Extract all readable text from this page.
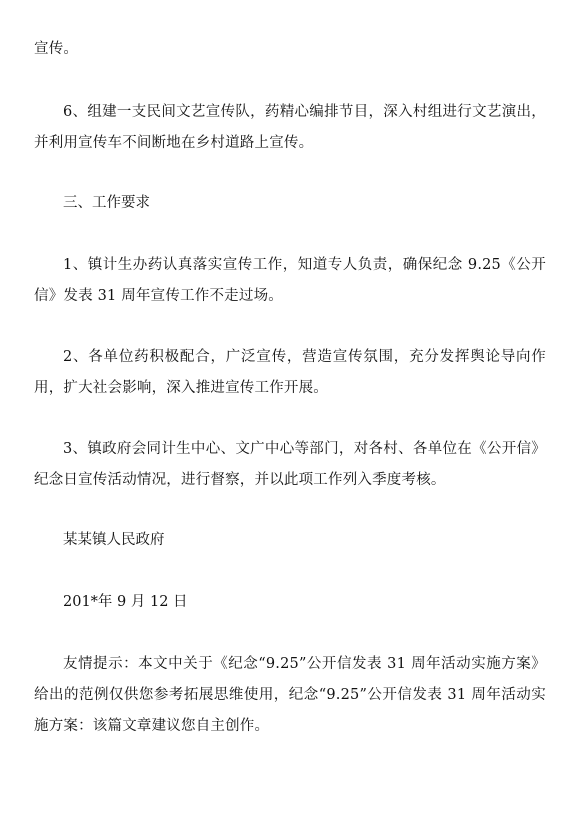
宣传。

6、组建一支民间文艺宣传队，药精心编排节目，深入村组进行文艺演出，并利用宣传车不间断地在乡村道路上宣传。

三、工作要求

1、镇计生办药认真落实宣传工作，知道专人负责，确保纪念 9.25《公开信》发表 31 周年宣传工作不走过场。

2、各单位药积极配合，广泛宣传，营造宣传氛围，充分发挥舆论导向作用，扩大社会影响，深入推进宣传工作开展。

3、镇政府会同计生中心、文广中心等部门，对各村、各单位在《公开信》纪念日宣传活动情况，进行督察，并以此项工作列入季度考核。

某某镇人民政府

201*年 9 月 12 日

友情提示：本文中关于《纪念“9.25”公开信发表 31 周年活动实施方案》给出的范例仅供您参考拓展思维使用，纪念“9.25”公开信发表 31 周年活动实施方案：该篇文章建议您自主创作。
